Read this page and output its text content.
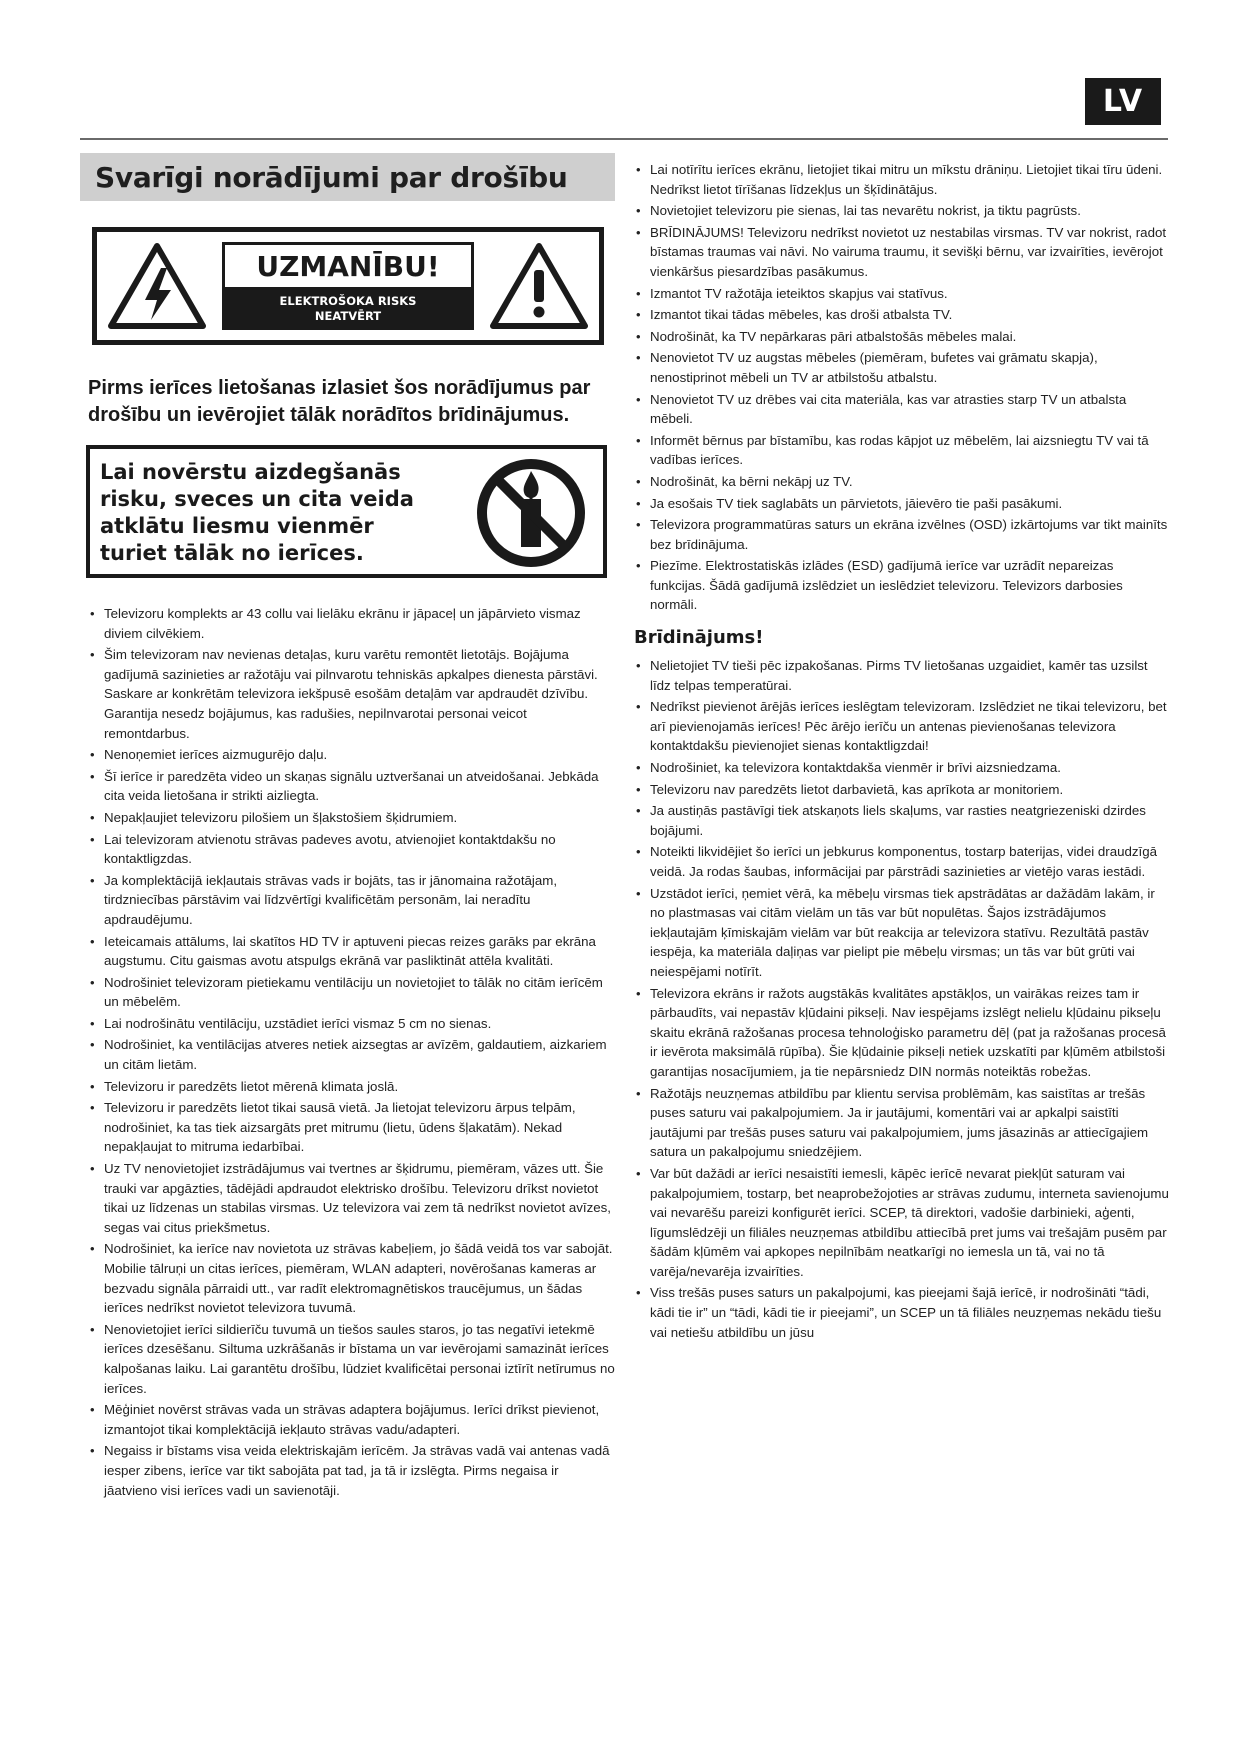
LV
Svarīgi norādījumi par drošību
UZMANĪBU!
ELEKTROŠOKA RISKS
NEATVĒRT

Pirms ierīces lietošanas izlasiet šos norādījumus par drošību un ievērojiet tālāk norādītos brīdinājumus.

Lai novērstu aizdegšanās risku, sveces un cita veida atklātu liesmu vienmēr turiet tālāk no ierīces.
• Televizoru komplekts ar 43 collu vai lielāku ekrānu ir jāpaceļ un jāpārvieto vismaz diviem cilvēkiem.
• Šim televizoram nav nevienas detaļas, kuru varētu remontēt lietotājs. Bojājuma gadījumā sazinieties ar ražotāju vai pilnvarotu tehniskās apkalpes dienesta pārstāvi. Saskare ar konkrētām televizora iekšpusē esošām detaļām var apdraudēt dzīvību. Garantija nesedz bojājumus, kas radušies, nepilnvarotai personai veicot remontdarbus.
• Nenoņemiet ierīces aizmugurējo daļu.
• Šī ierīce ir paredzēta video un skaņas signālu uztveršanai un atveidošanai. Jebkāda cita veida lietošana ir strikti aizliegta.
• Nepakļaujiet televizoru pilošiem un šļakstošiem šķidrumiem.
• Lai televizoram atvienotu strāvas padeves avotu, atvienojiet kontaktdakšu no kontaktligzdas.
• Ja komplektācijā iekļautais strāvas vads ir bojāts, tas ir jānomaina ražotājam, tirdzniecības pārstāvim vai līdzvērtīgi kvalificētām personām, lai neradītu apdraudējumu.
• Ieteicamais attālums, lai skatītos HD TV ir aptuveni piecas reizes garāks par ekrāna augstumu. Citu gaismas avotu atspulgs ekrānā var pasliktināt attēla kvalitāti.
• Nodrošiniet televizoram pietiekamu ventilāciju un novietojiet to tālāk no citām ierīcēm un mēbelēm.
• Lai nodrošinātu ventilāciju, uzstādiet ierīci vismaz 5 cm no sienas.
• Nodrošiniet, ka ventilācijas atveres netiek aizsegtas ar avīzēm, galdautiem, aizkariem un citām lietām.
• Televizoru ir paredzēts lietot mērenā klimata joslā.
• Televizoru ir paredzēts lietot tikai sausā vietā. Ja lietojat televizoru ārpus telpām, nodrošiniet, ka tas tiek aizsargāts pret mitrumu (lietu, ūdens šļakatām). Nekad nepakļaujat to mitruma iedarbībai.
• Uz TV nenovietojiet izstrādājumus vai tvertnes ar šķidrumu, piemēram, vāzes utt. Šie trauki var apgāzties, tādējādi apdraudot elektrisko drošību. Televizoru drīkst novietot tikai uz līdzenas un stabilas virsmas. Uz televizora vai zem tā nedrīkst novietot avīzes, segas vai citus priekšmetus.
• Nodrošiniet, ka ierīce nav novietota uz strāvas kabeļiem, jo šādā veidā tos var sabojāt. Mobilie tālruņi un citas ierīces, piemēram, WLAN adapteri, novērošanas kameras ar bezvadu signāla pārraidi utt., var radīt elektromagnētiskos traucējumus, un šādas ierīces nedrīkst novietot televizora tuvumā.
• Nenovietojiet ierīci sildierīču tuvumā un tiešos saules staros, jo tas negatīvi ietekmē ierīces dzesēšanu. Siltuma uzkrāšanās ir bīstama un var ievērojami samazināt ierīces kalpošanas laiku. Lai garantētu drošību, lūdziet kvalificētai personai iztīrīt netīrumus no ierīces.
• Mēģiniet novērst strāvas vada un strāvas adaptera bojājumus. Ierīci drīkst pievienot, izmantojot tikai komplektācijā iekļauto strāvas vadu/adapteri.
• Negaiss ir bīstams visa veida elektriskajām ierīcēm. Ja strāvas vadā vai antenas vadā iesper zibens, ierīce var tikt sabojāta pat tad, ja tā ir izslēgta. Pirms negaisa ir jāatvieno visi ierīces vadi un savienotāji.
• Lai notīrītu ierīces ekrānu, lietojiet tikai mitru un mīkstu drāniņu. Lietojiet tikai tīru ūdeni. Nedrīkst lietot tīrīšanas līdzekļus un šķīdinātājus.
• Novietojiet televizoru pie sienas, lai tas nevarētu nokrist, ja tiktu pagrūsts.
• BRĪDINĀJUMS! Televizoru nedrīkst novietot uz nestabilas virsmas. TV var nokrist, radot bīstamas traumas vai nāvi. No vairuma traumu, it sevišķi bērnu, var izvairīties, ievērojot vienkāršus piesardzības pasākumus.
• Izmantot TV ražotāja ieteiktos skapjus vai statīvus.
• Izmantot tikai tādas mēbeles, kas droši atbalsta TV.
• Nodrošināt, ka TV nepārkaras pāri atbalstošās mēbeles malai.
• Nenovietot TV uz augstas mēbeles (piemēram, bufetes vai grāmatu skapja), nenostiprinot mēbeli un TV ar atbilstošu atbalstu.
• Nenovietot TV uz drēbes vai cita materiāla, kas var atrasties starp TV un atbalsta mēbeli.
• Informēt bērnus par bīstamību, kas rodas kāpjot uz mēbelēm, lai aizsniegtu TV vai tā vadības ierīces.
• Nodrošināt, ka bērni nekāpj uz TV.
• Ja esošais TV tiek saglabāts un pārvietots, jāievēro tie paši pasākumi.
• Televizora programmatūras saturs un ekrāna izvēlnes (OSD) izkārtojums var tikt mainīts bez brīdinājuma.
• Piezīme. Elektrostatiskās izlādes (ESD) gadījumā ierīce var uzrādīt nepareizas funkcijas. Šādā gadījumā izslēdziet un ieslēdziet televizoru. Televizors darbosies normāli.
Brīdinājums!
• Nelietojiet TV tieši pēc izpakošanas. Pirms TV lietošanas uzgaidiet, kamēr tas uzsilst līdz telpas temperatūrai.
• Nedrīkst pievienot ārējās ierīces ieslēgtam televizoram. Izslēdziet ne tikai televizoru, bet arī pievienojamās ierīces! Pēc ārējo ierīču un antenas pievienošanas televizora kontaktdakšu pievienojiet sienas kontaktligzdai!
• Nodrošiniet, ka televizora kontaktdakša vienmēr ir brīvi aizsniedzama.
• Televizoru nav paredzēts lietot darbavietā, kas aprīkota ar monitoriem.
• Ja austiņās pastāvīgi tiek atskaņots liels skaļums, var rasties neatgriezeniski dzirdes bojājumi.
• Noteikti likvidējiet šo ierīci un jebkurus komponentus, tostarp baterijas, videi draudzīgā veidā. Ja rodas šaubas, informācijai par pārstrādi sazinieties ar vietējo varas iestādi.
• Uzstādot ierīci, ņemiet vērā, ka mēbeļu virsmas tiek apstrādātas ar dažādām lakām, ir no plastmasas vai citām vielām un tās var būt nopulētas. Šajos izstrādājumos iekļautajām ķīmiskajām vielām var būt reakcija ar televizora statīvu. Rezultātā pastāv iespēja, ka materiāla daļiņas var pielipt pie mēbeļu virsmas; un tās var būt grūti vai neiespējami notīrīt.
• Televizora ekrāns ir ražots augstākās kvalitātes apstākļos, un vairākas reizes tam ir pārbaudīts, vai nepastāv kļūdaini pikseļi. Nav iespējams izslēgt nelielu kļūdainu pikseļu skaitu ekrānā ražošanas procesa tehnoloģisko parametru dēļ (pat ja ražošanas procesā ir ievērota maksimālā rūpība). Šie kļūdainie pikseļi netiek uzskatīti par kļūmēm atbilstoši garantijas nosacījumiem, ja tie nepārsniedz DIN normās noteiktās robežas.
• Ražotājs neuzņemas atbildību par klientu servisa problēmām, kas saistītas ar trešās puses saturu vai pakalpojumiem. Ja ir jautājumi, komentāri vai ar apkalpi saistīti jautājumi par trešās puses saturu vai pakalpojumiem, jums jāsazinās ar attiecīgajiem satura un pakalpojumu sniedzējiem.
• Var būt dažādi ar ierīci nesaistīti iemesli, kāpēc ierīcē nevarat piekļūt saturam vai pakalpojumiem, tostarp, bet neaprobežojoties ar strāvas zudumu, interneta savienojumu vai nevarēšu pareizi konfigurēt ierīci. SCEP, tā direktori, vadošie darbinieki, aģenti, līgumslēdzēji un filiāles neuzņemas atbildību attiecībā pret jums vai trešajām pusēm par šādām kļūmēm vai apkopes nepilnībām neatkarīgi no iemesla un tā, vai no tā varēja/nevarēja izvairīties.
• Viss trešās puses saturs un pakalpojumi, kas pieejami šajā ierīcē, ir nodrošināti “tādi, kādi tie ir” un “tādi, kādi tie ir pieejami”, un SCEP un tā filiāles neuzņemas nekādu tiešu vai netiešu atbildību un jūsu
